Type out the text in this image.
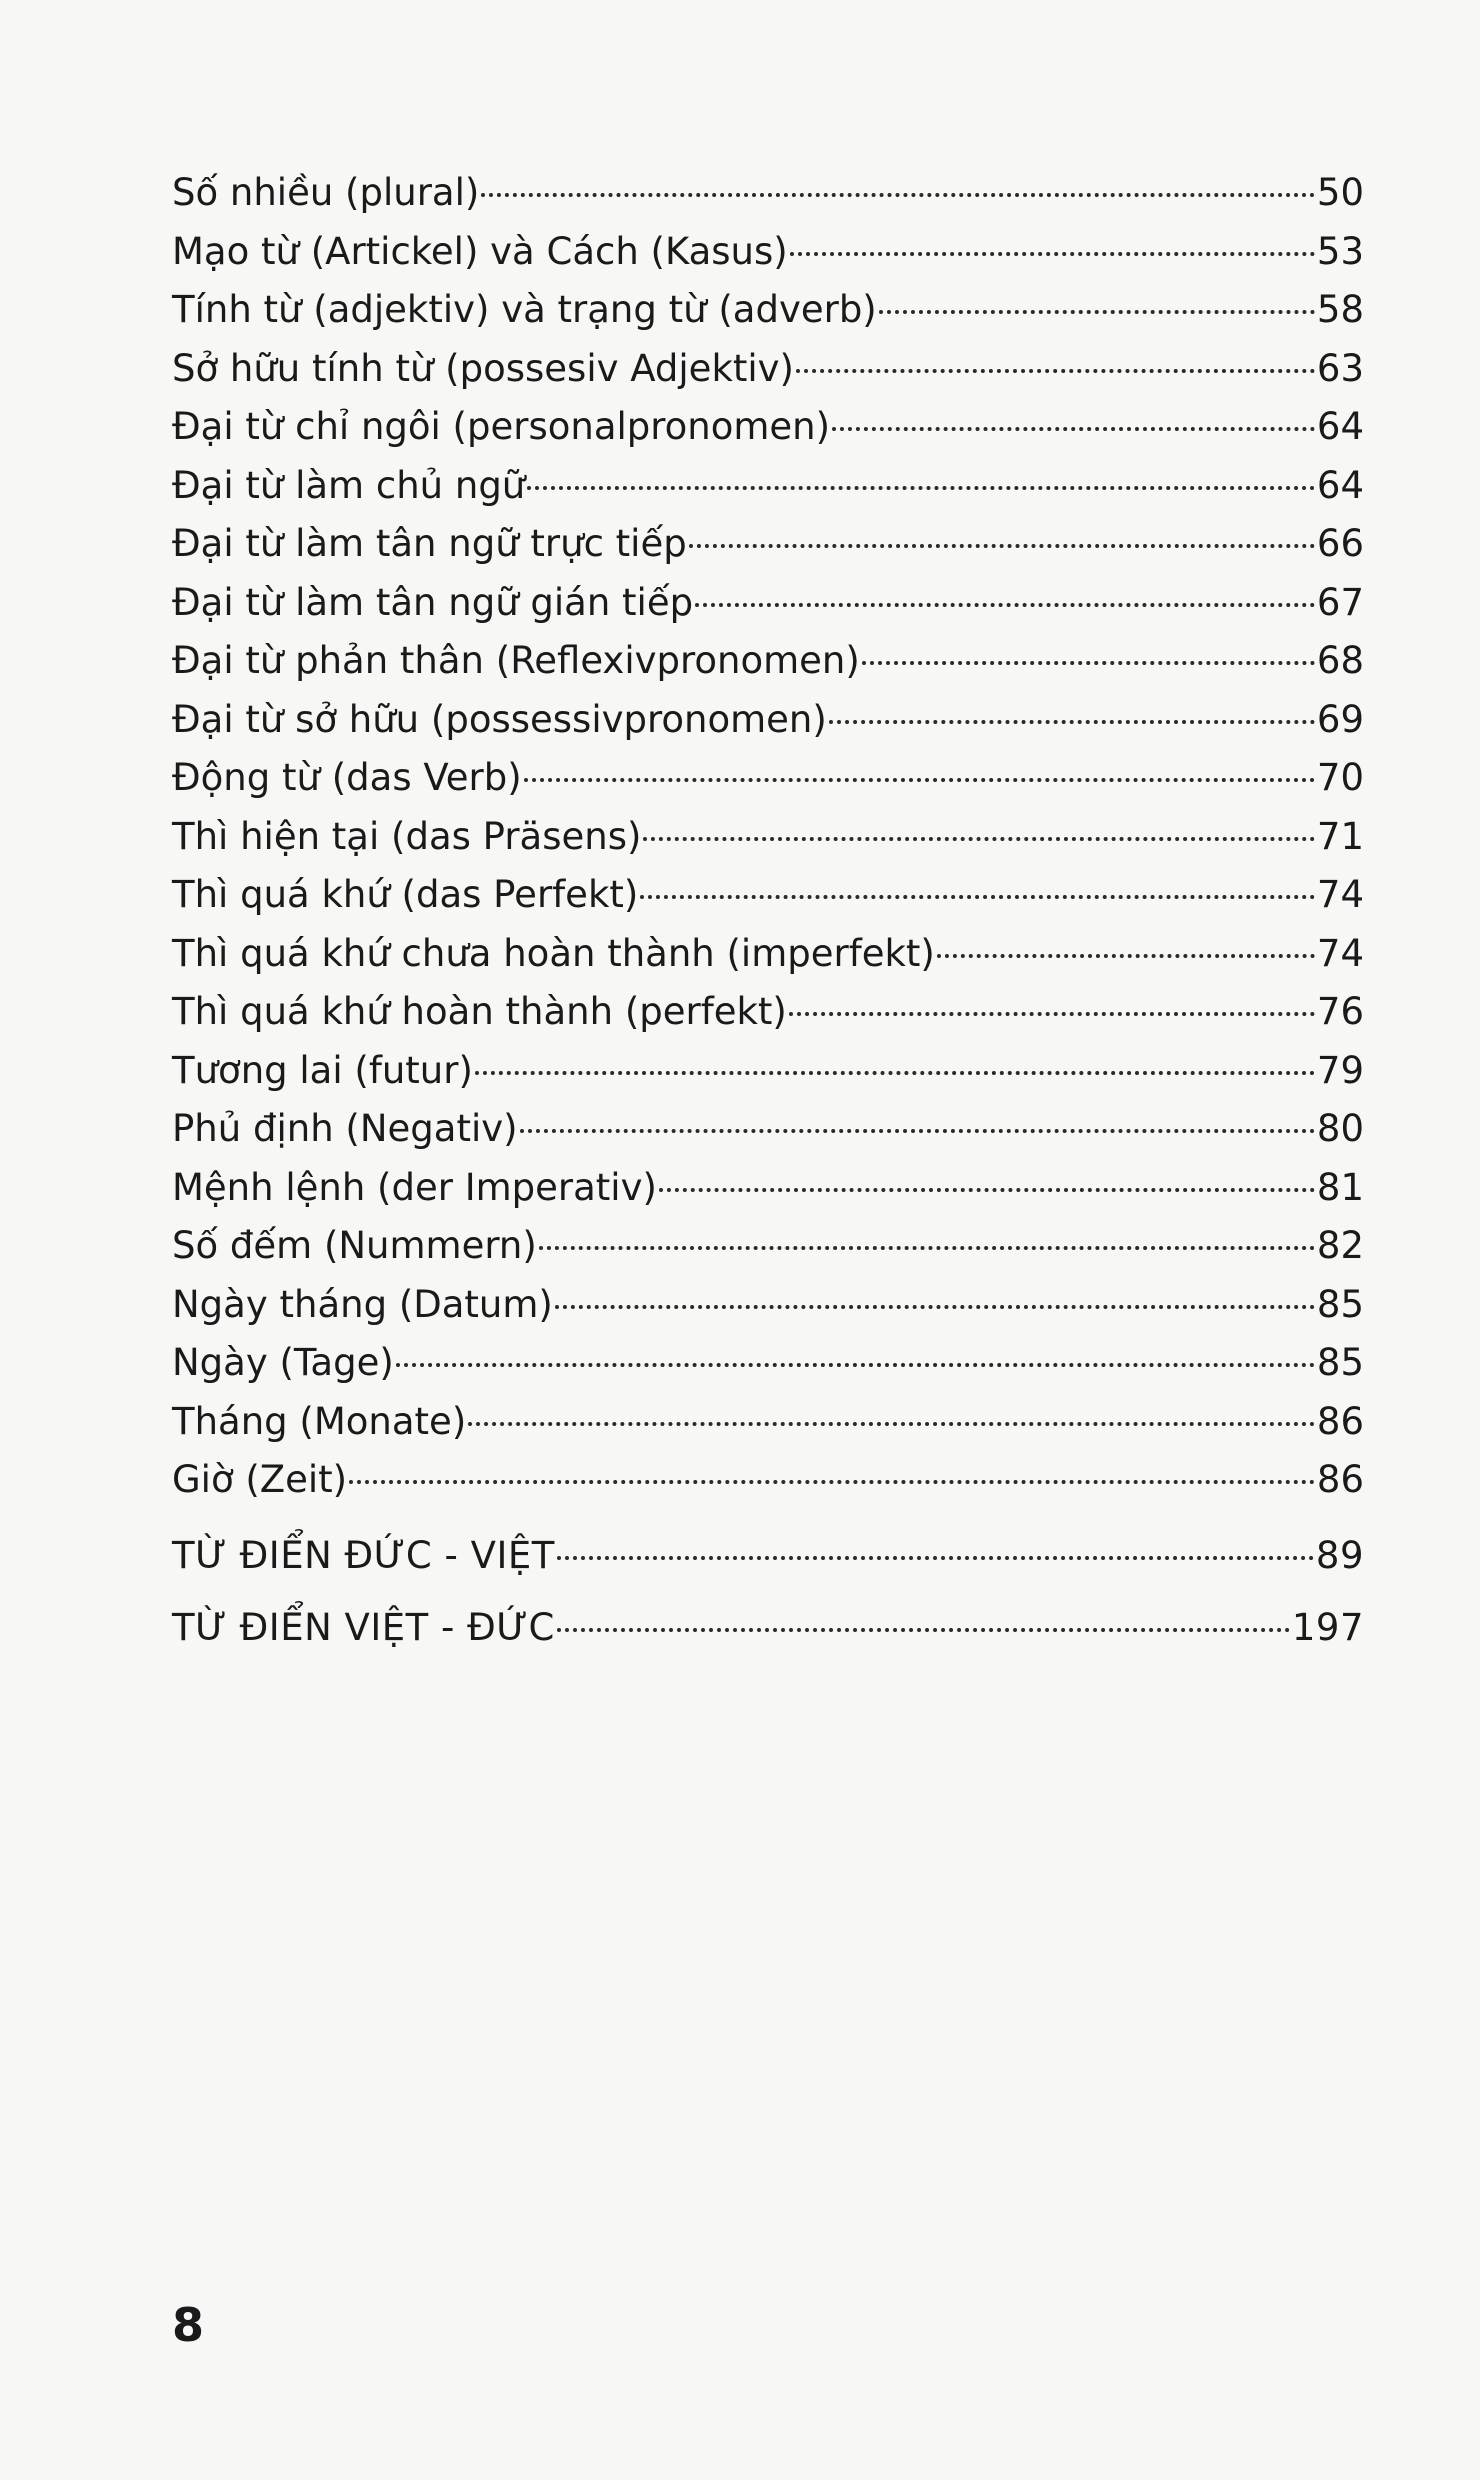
Số nhiều (plural)	50
Mạo từ (Artickel) và Cách (Kasus)	53
Tính từ (adjektiv) và trạng từ (adverb)	58
Sở hữu tính từ (possesiv Adjektiv)	63
Đại từ chỉ ngôi (personalpronomen)	64
Đại từ làm chủ ngữ	64
Đại từ làm tân ngữ trực tiếp	66
Đại từ làm tân ngữ gián tiếp	67
Đại từ phản thân (Reflexivpronomen)	68
Đại từ sở hữu (possessivpronomen)	69
Động từ (das Verb)	70
Thì hiện tại (das Präsens)	71
Thì quá khứ (das Perfekt)	74
Thì quá khứ chưa hoàn thành (imperfekt)	74
Thì quá khứ hoàn thành (perfekt)	76
Tương lai (futur)	79
Phủ định (Negativ)	80
Mệnh lệnh (der Imperativ)	81
Số đếm (Nummern)	82
Ngày tháng (Datum)	85
Ngày (Tage)	85
Tháng (Monate)	86
Giờ (Zeit)	86
TỪ ĐIỂN ĐỨC - VIỆT	89
TỪ ĐIỂN VIỆT - ĐỨC	197
8
